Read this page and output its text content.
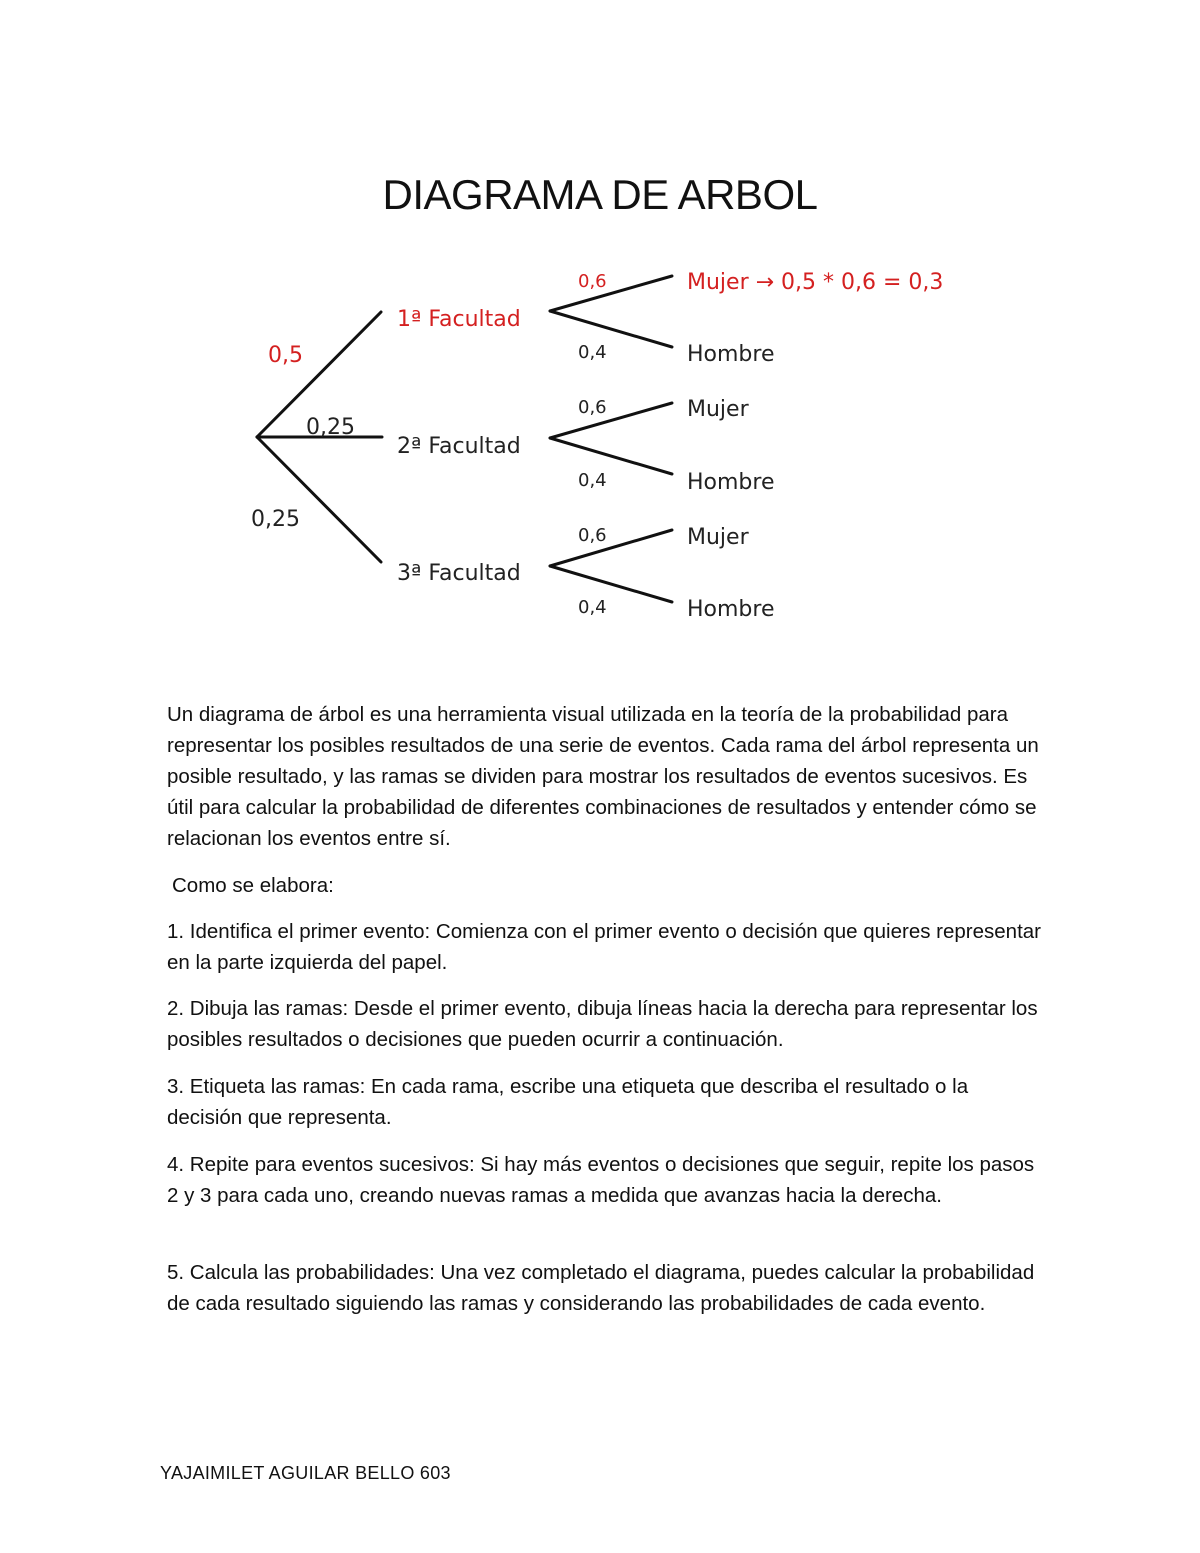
DIAGRAMA DE ARBOL
0,5
0,25
0,25
1ª Facultad
2ª Facultad
3ª Facultad
0,6
0,4
0,6
0,4
0,6
0,4
Mujer → 0,5 * 0,6 = 0,3
Hombre
Mujer
Hombre
Mujer
Hombre

Un diagrama de árbol es una herramienta visual utilizada en la teoría de la probabilidad para representar los posibles resultados de una serie de eventos. Cada rama del árbol representa un posible resultado, y las ramas se dividen para mostrar los resultados de eventos sucesivos. Es útil para calcular la probabilidad de diferentes combinaciones de resultados y entender cómo se relacionan los eventos entre sí.

Como se elabora:

1. Identifica el primer evento: Comienza con el primer evento o decisión que quieres representar en la parte izquierda del papel.

2. Dibuja las ramas: Desde el primer evento, dibuja líneas hacia la derecha para representar los posibles resultados o decisiones que pueden ocurrir a continuación.

3. Etiqueta las ramas: En cada rama, escribe una etiqueta que describa el resultado o la decisión que representa.

4. Repite para eventos sucesivos: Si hay más eventos o decisiones que seguir, repite los pasos 2 y 3 para cada uno, creando nuevas ramas a medida que avanzas hacia la derecha.

5. Calcula las probabilidades: Una vez completado el diagrama, puedes calcular la probabilidad de cada resultado siguiendo las ramas y considerando las probabilidades de cada evento.

YAJAIMILET AGUILAR BELLO 603
